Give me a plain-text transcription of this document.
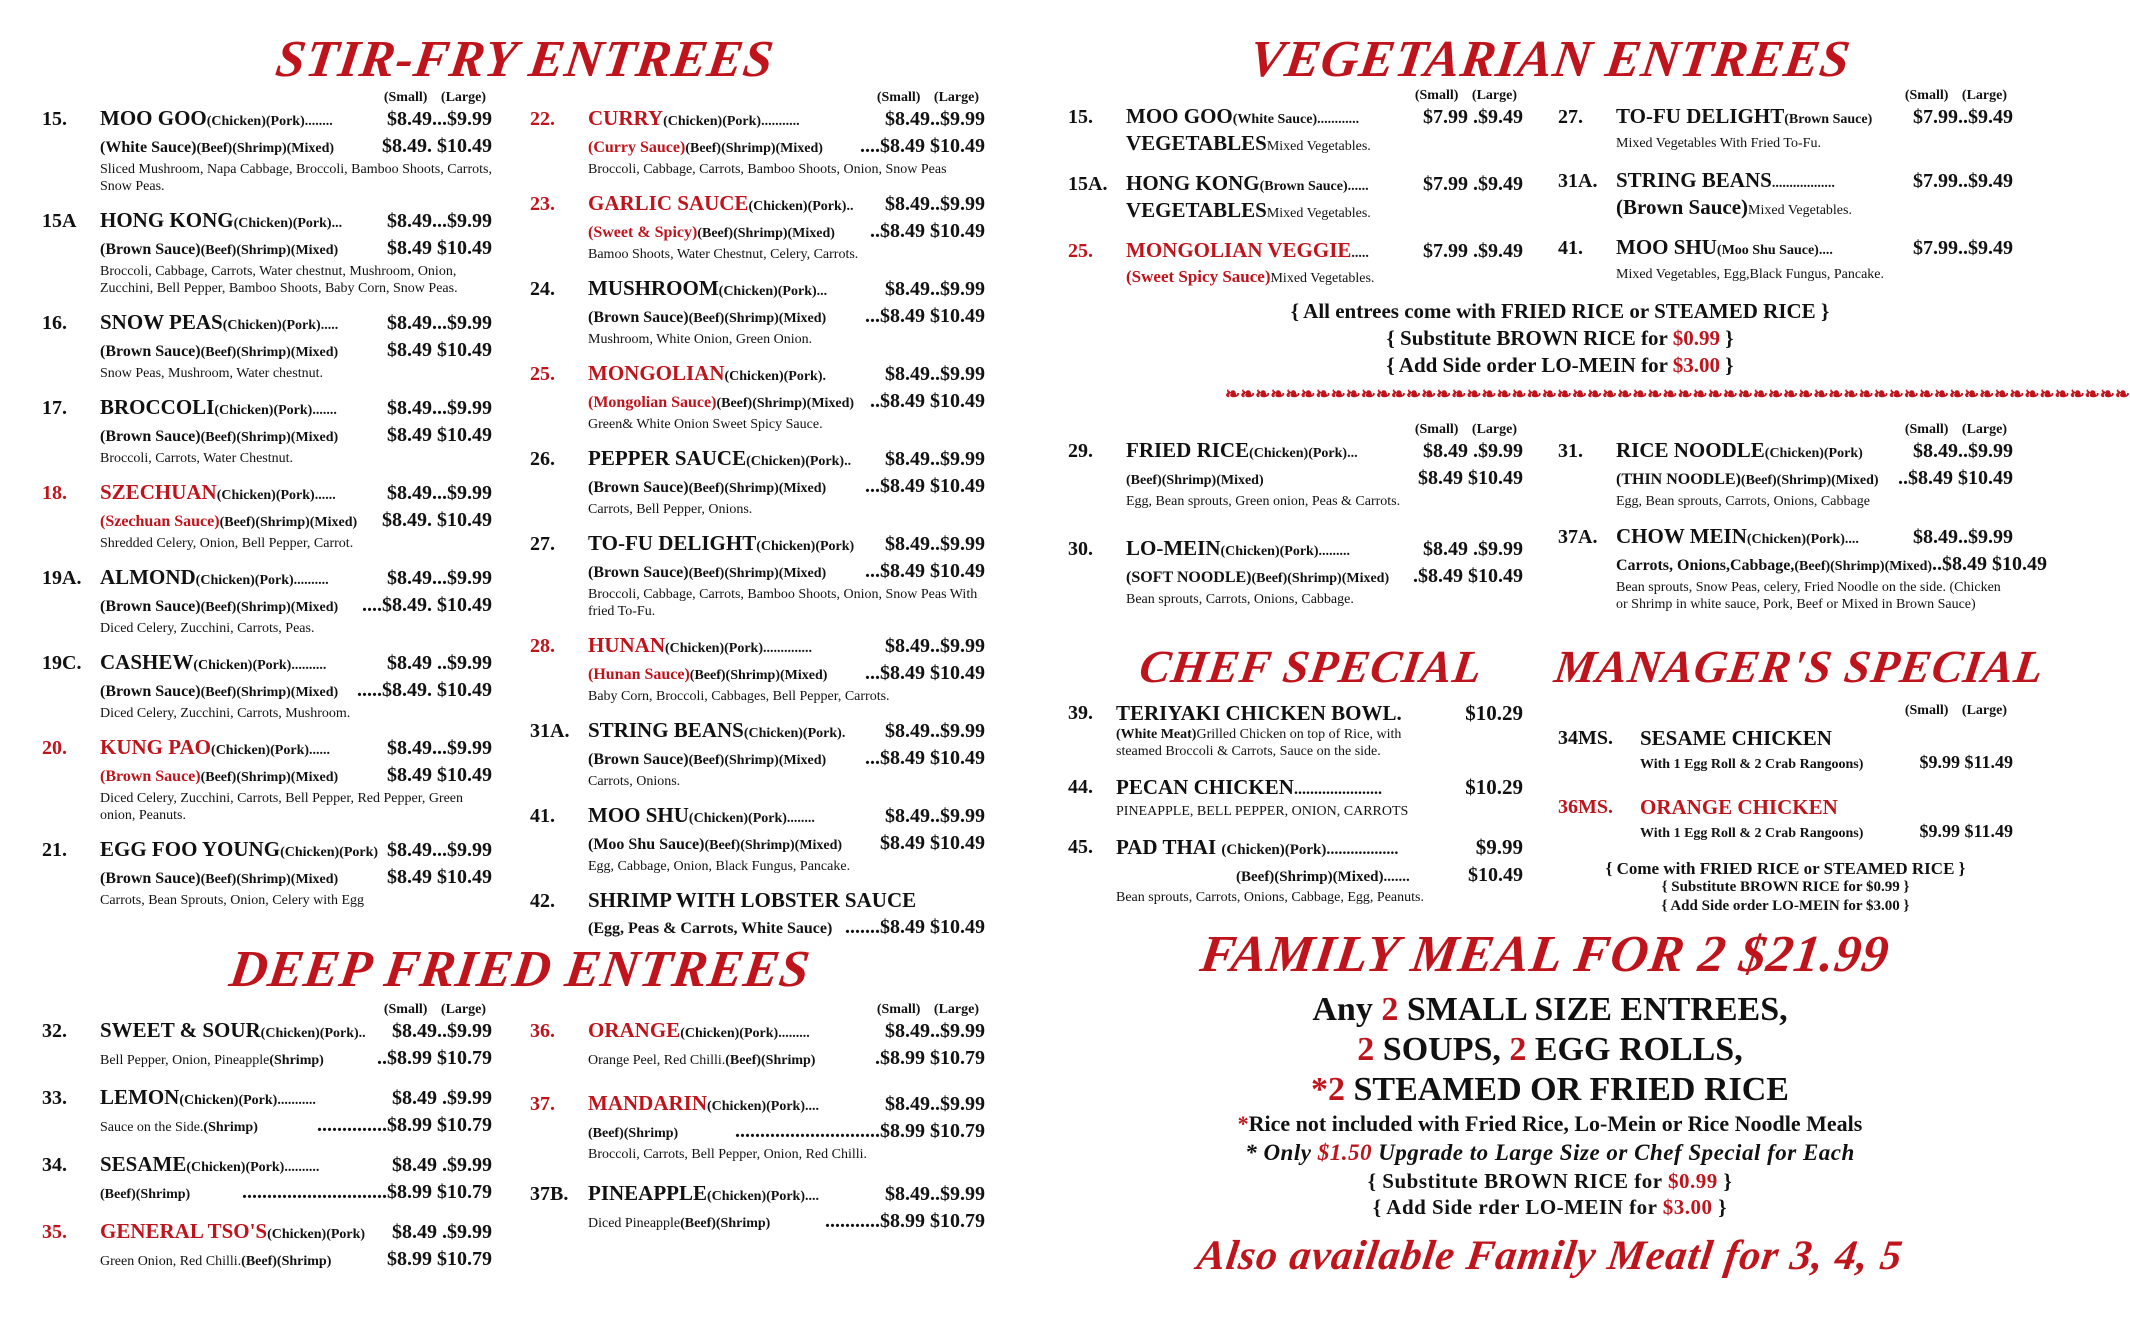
STIR-FRY ENTREES	VEGETARIAN ENTREES
DEEP FRIED ENTREES
CHEF SPECIAL MANAGER'S SPECIAL
(Small) (Large)
15. MOO GOO(Chicken)(Pork)........	$8.49...$9.99
(White Sauce)(Beef)(Shrimp)(Mixed) $8.49. $10.49
Sliced Mushroom, Napa Cabbage, Broccoli, Bamboo Shoots, Carrots, Snow Peas.
15A HONG KONG(Chicken)(Pork)... $8.49...$9.99
(Brown Sauce)(Beef)(Shrimp)(Mixed) $8.49 $10.49
Broccoli, Cabbage, Carrots, Water chestnut, Mushroom, Onion, Zucchini, Bell Pepper, Bamboo Shoots, Baby Corn, Snow Peas.
16. SNOW PEAS(Chicken)(Pork)..... $8.49...$9.99
(Brown Sauce)(Beef)(Shrimp)(Mixed) $8.49 $10.49
Snow Peas, Mushroom, Water chestnut.
17. BROCCOLI(Chicken)(Pork).......	$8.49...$9.99
(Brown Sauce)(Beef)(Shrimp)(Mixed) $8.49 $10.49
Broccoli, Carrots, Water Chestnut.
18. SZECHUAN(Chicken)(Pork)......	$8.49...$9.99
(Szechuan Sauce)(Beef)(Shrimp)(Mixed) $8.49. $10.49
Shredded Celery, Onion, Bell Pepper, Carrot.
19A. ALMOND(Chicken)(Pork)..........	$8.49...$9.99
(Brown Sauce)(Beef)(Shrimp)(Mixed) ....$8.49. $10.49
Diced Celery, Zucchini, Carrots, Peas.
19C. CASHEW(Chicken)(Pork)..........	$8.49 ..$9.99
(Brown Sauce)(Beef)(Shrimp)(Mixed) .....$8.49. $10.49
Diced Celery, Zucchini, Carrots, Mushroom.
20. KUNG PAO(Chicken)(Pork)......	$8.49...$9.99
(Brown Sauce)(Beef)(Shrimp)(Mixed) $8.49 $10.49
Diced Celery, Zucchini, Carrots, Bell Pepper, Red Pepper, Green onion, Peanuts.
21. EGG FOO YOUNG(Chicken)(Pork) $8.49...$9.99
(Brown Sauce)(Beef)(Shrimp)(Mixed) $8.49 $10.49
Carrots, Bean Sprouts, Onion, Celery with Egg
(Small) (Large)
22. CURRY(Chicken)(Pork)...........	$8.49..$9.99
(Curry Sauce)(Beef)(Shrimp)(Mixed) ....$8.49 $10.49
Broccoli, Cabbage, Carrots, Bamboo Shoots, Onion, Snow Peas
23. GARLIC SAUCE(Chicken)(Pork).. $8.49..$9.99
(Sweet & Spicy)(Beef)(Shrimp)(Mixed) ..$8.49 $10.49
Bamoo Shoots, Water Chestnut, Celery, Carrots.
24. MUSHROOM(Chicken)(Pork)...	$8.49..$9.99
(Brown Sauce)(Beef)(Shrimp)(Mixed) ...$8.49 $10.49
Mushroom, White Onion, Green Onion.
25. MONGOLIAN(Chicken)(Pork).	$8.49..$9.99
(Mongolian Sauce)(Beef)(Shrimp)(Mixed) ..$8.49 $10.49
Green& White Onion Sweet Spicy Sauce.
26. PEPPER SAUCE(Chicken)(Pork).. $8.49..$9.99
(Brown Sauce)(Beef)(Shrimp)(Mixed) ...$8.49 $10.49
Carrots, Bell Pepper, Onions.
27. TO-FU DELIGHT(Chicken)(Pork) $8.49..$9.99
(Brown Sauce)(Beef)(Shrimp)(Mixed) ...$8.49 $10.49
Broccoli, Cabbage, Carrots, Bamboo Shoots, Onion, Snow Peas With fried To-Fu.
28. HUNAN(Chicken)(Pork)..............	$8.49..$9.99
(Hunan Sauce)(Beef)(Shrimp)(Mixed) ...$8.49 $10.49
Baby Corn, Broccoli, Cabbages, Bell Pepper, Carrots.
31A. STRING BEANS(Chicken)(Pork). $8.49..$9.99
(Brown Sauce)(Beef)(Shrimp)(Mixed) ...$8.49 $10.49
Carrots, Onions.
41. MOO SHU(Chicken)(Pork)........	$8.49..$9.99
(Moo Shu Sauce)(Beef)(Shrimp)(Mixed) $8.49 $10.49
Egg, Cabbage, Onion, Black Fungus, Pancake.
42. SHRIMP WITH LOBSTER SAUCE
(Egg, Peas & Carrots, White Sauce) .......$8.49 $10.49
(Small) (Large)
32. SWEET & SOUR(Chicken)(Pork).. $8.49..$9.99
Bell Pepper, Onion, Pineapple(Shrimp)	..$8.99 $10.79
33. LEMON(Chicken)(Pork)...........	$8.49 .$9.99
Sauce on the Side.(Shrimp)	..............$8.99 $10.79
34. SESAME(Chicken)(Pork)..........	$8.49 .$9.99
(Beef)(Shrimp)	.............................$8.99 $10.79
35. GENERAL TSO'S(Chicken)(Pork) $8.49 .$9.99
Green Onion, Red Chilli.(Beef)(Shrimp)	$8.99 $10.79
(Small) (Large)
36. ORANGE(Chicken)(Pork).........	$8.49..$9.99
Orange Peel, Red Chilli.(Beef)(Shrimp)	.$8.99 $10.79
37. MANDARIN(Chicken)(Pork)....	$8.49..$9.99
(Beef)(Shrimp)	.............................$8.99 $10.79
Broccoli, Carrots, Bell Pepper, Onion, Red Chilli.
37B. PINEAPPLE(Chicken)(Pork)....	$8.49..$9.99
Diced Pineapple(Beef)(Shrimp)	...........$8.99 $10.79
(Small) (Large)
15. MOO GOO(White Sauce)............	$7.99 .$9.49
VEGETABLESMixed Vegetables.
15A. HONG KONG(Brown Sauce)......	$7.99 .$9.49
VEGETABLESMixed Vegetables.
25. MONGOLIAN VEGGIE.....	$7.99 .$9.49
(Sweet Spicy Sauce)Mixed Vegetables.
(Small) (Large)
27. TO-FU DELIGHT(Brown Sauce) $7.99..$9.49
Mixed Vegetables With Fried To-Fu.
31A. STRING BEANS..................	$7.99..$9.49
(Brown Sauce)Mixed Vegetables.
41. MOO SHU(Moo Shu Sauce)....	$7.99..$9.49
Mixed Vegetables, Egg,Black Fungus, Pancake.
{ All entrees come with FRIED RICE or STEAMED RICE }
{ Substitute BROWN RICE for $0.99 }
{ Add Side order LO-MEIN for $3.00 }
❧❧❧❧❧❧❧❧❧❧❧❧❧❧❧❧❧❧❧❧❧❧❧❧❧❧❧❧❧❧❧❧❧❧❧❧❧❧❧❧❧❧❧❧❧❧❧❧❧❧❧❧❧❧❧❧❧❧❧❧
(Small) (Large)
29. FRIED RICE(Chicken)(Pork)...	$8.49 .$9.99
(Beef)(Shrimp)(Mixed)	$8.49 $10.49
Egg, Bean sprouts, Green onion, Peas & Carrots.
30. LO-MEIN(Chicken)(Pork).........	$8.49 .$9.99
(SOFT NOODLE)(Beef)(Shrimp)(Mixed) .$8.49 $10.49
Bean sprouts, Carrots, Onions, Cabbage.
(Small) (Large)
31. RICE NOODLE(Chicken)(Pork)	$8.49..$9.99
(THIN NOODLE)(Beef)(Shrimp)(Mixed) ..$8.49 $10.49
Egg, Bean sprouts, Carrots, Onions, Cabbage
37A. CHOW MEIN(Chicken)(Pork)....	$8.49..$9.99
Carrots, Onions,Cabbage,(Beef)(Shrimp)(Mixed) ..$8.49 $10.49
Bean sprouts, Snow Peas, celery, Fried Noodle on the side. (Chicken or Shrimp in white sauce, Pork, Beef or Mixed in Brown Sauce)
39. TERIYAKI CHICKEN BOWL.	$10.29
(White Meat)Grilled Chicken on top of Rice, with
steamed Broccoli & Carrots, Sauce on the side.
44. PECAN CHICKEN......................	$10.29
PINEAPPLE, BELL PEPPER, ONION, CARROTS
45. PAD THAI (Chicken)(Pork)..................	$9.99
(Beef)(Shrimp)(Mixed).......	$10.49
Bean sprouts, Carrots, Onions, Cabbage, Egg, Peanuts.
(Small) (Large)
34MS. SESAME CHICKEN
With 1 Egg Roll & 2 Crab Rangoons)	$9.99 $11.49
36MS. ORANGE CHICKEN
With 1 Egg Roll & 2 Crab Rangoons)	$9.99 $11.49
{ Come with FRIED RICE or STEAMED RICE }
{ Substitute BROWN RICE for $0.99 }
{ Add Side order LO-MEIN for $3.00 }
FAMILY MEAL FOR 2 $21.99
Any 2 SMALL SIZE ENTREES,
2 SOUPS, 2 EGG ROLLS,
*2 STEAMED OR FRIED RICE
*Rice not included with Fried Rice, Lo-Mein or Rice Noodle Meals
* Only $1.50 Upgrade to Large Size or Chef Special for Each
{ Substitute BROWN RICE for $0.99 }
{ Add Side rder LO-MEIN for $3.00 }
Also available Family Meatl for 3, 4, 5
